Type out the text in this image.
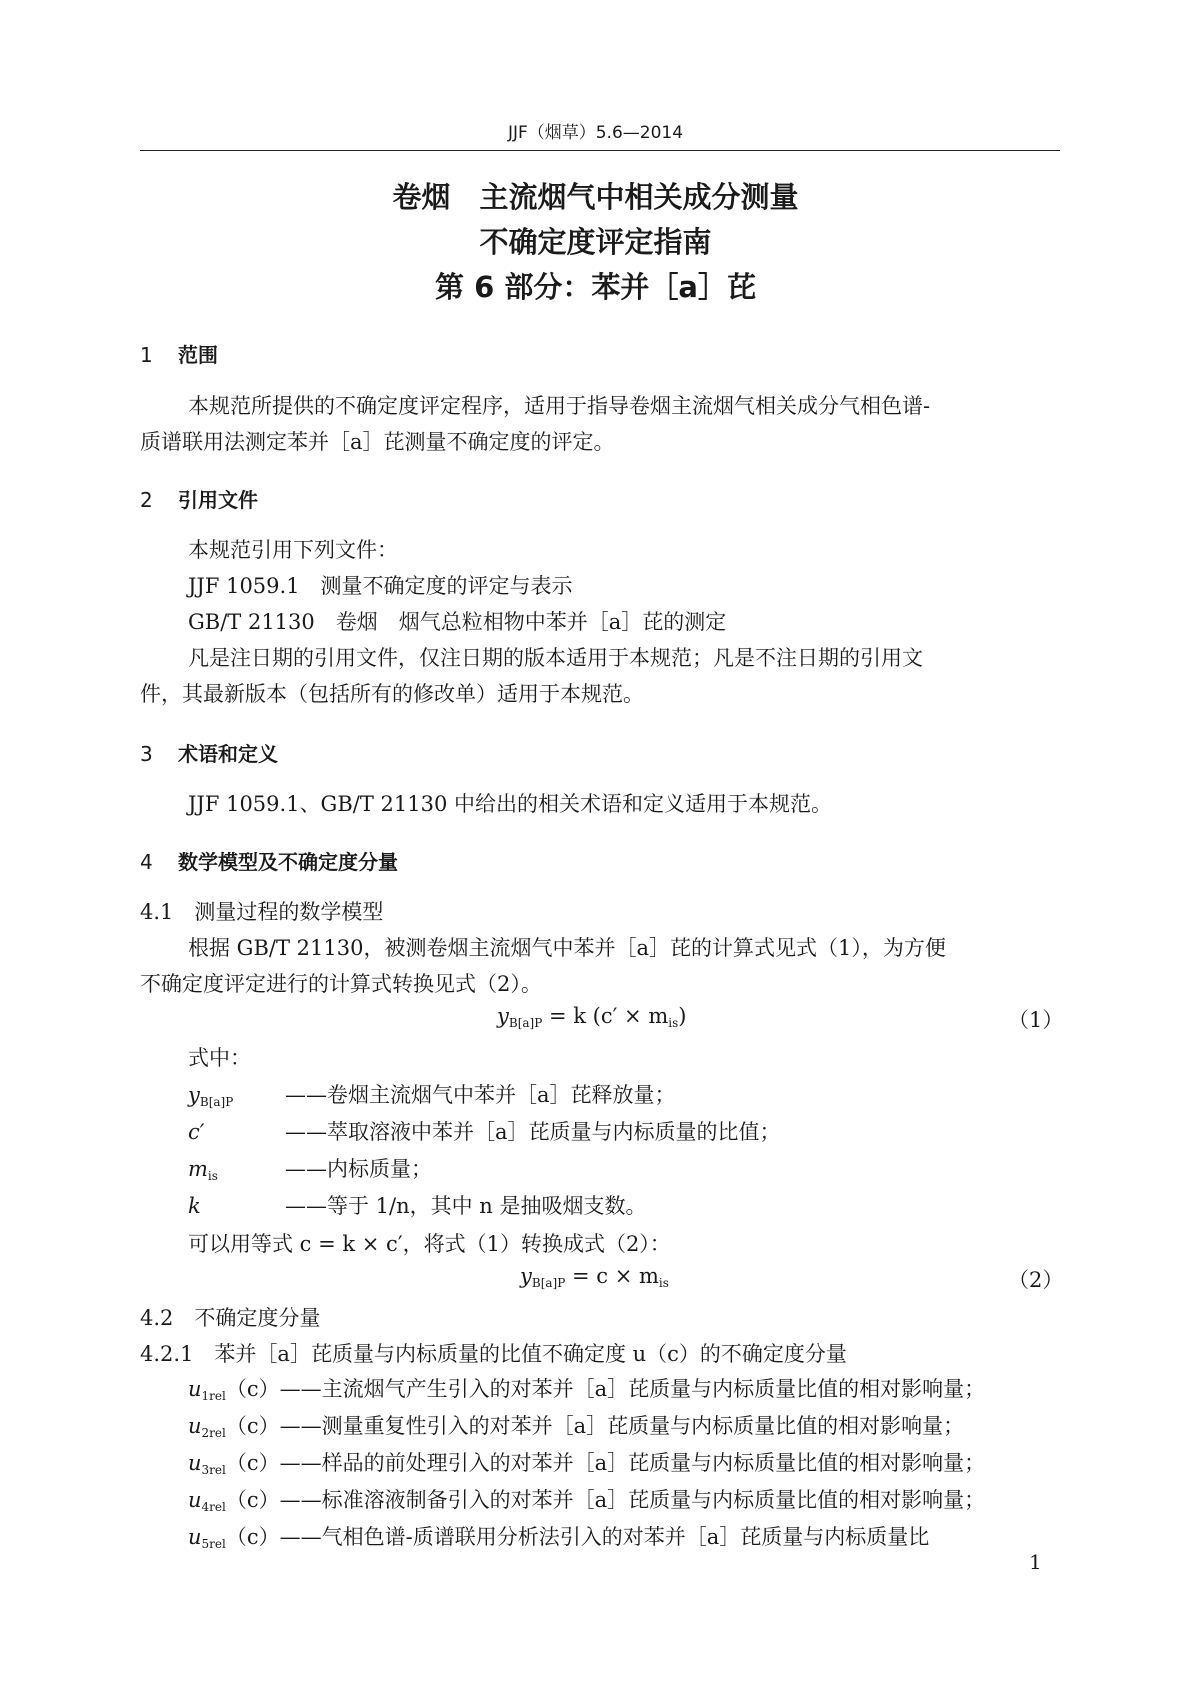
JJF（烟草）5.6—2014
卷烟　主流烟气中相关成分测量
不确定度评定指南
第 6 部分：苯并［a］芘
1 范围
本规范所提供的不确定度评定程序，适用于指导卷烟主流烟气相关成分气相色谱-
质谱联用法测定苯并［a］芘测量不确定度的评定。
2 引用文件
本规范引用下列文件：
JJF 1059.1　测量不确定度的评定与表示
GB/T 21130　卷烟　烟气总粒相物中苯并［a］芘的测定
凡是注日期的引用文件，仅注日期的版本适用于本规范；凡是不注日期的引用文
件，其最新版本（包括所有的修改单）适用于本规范。
3 术语和定义
JJF 1059.1、GB/T 21130 中给出的相关术语和定义适用于本规范。
4 数学模型及不确定度分量
4.1　测量过程的数学模型
根据 GB/T 21130，被测卷烟主流烟气中苯并［a］芘的计算式见式（1），为方便
不确定度评定进行的计算式转换见式（2）。
$y_{B[a]P} = k$ $(c' \times m_{is})$	（1）
式中：
$y_{B[a]P}$ ——卷烟主流烟气中苯并［a］芘释放量；
c′	——萃取溶液中苯并［a］芘质量与内标质量的比值；
$m_{is}$	——内标质量；
k	——等于 1/n，其中 n 是抽吸烟支数。
可以用等式 c = k × c′，将式（1）转换成式（2）：
$y_{B[a]P} = c \times m_{is}$	（2）
4.2　不确定度分量
4.2.1　苯并［a］芘质量与内标质量的比值不确定度 u（c）的不确定度分量
$u_{1rel}(c)——$主流烟气产生引入的对苯并［a］芘质量与内标质量比值的相对影响量；
$u_{2rel}(c)——$测量重复性引入的对苯并［a］芘质量与内标质量比值的相对影响量；
$u_{3rel}(c)——$样品的前处理引入的对苯并［a］芘质量与内标质量比值的相对影响量；
$u_{4rel}(c)——$标准溶液制备引入的对苯并［a］芘质量与内标质量比值的相对影响量；
$u_{5rel}(c)——$气相色谱-质谱联用分析法引入的对苯并［a］芘质量与内标质量比
1
